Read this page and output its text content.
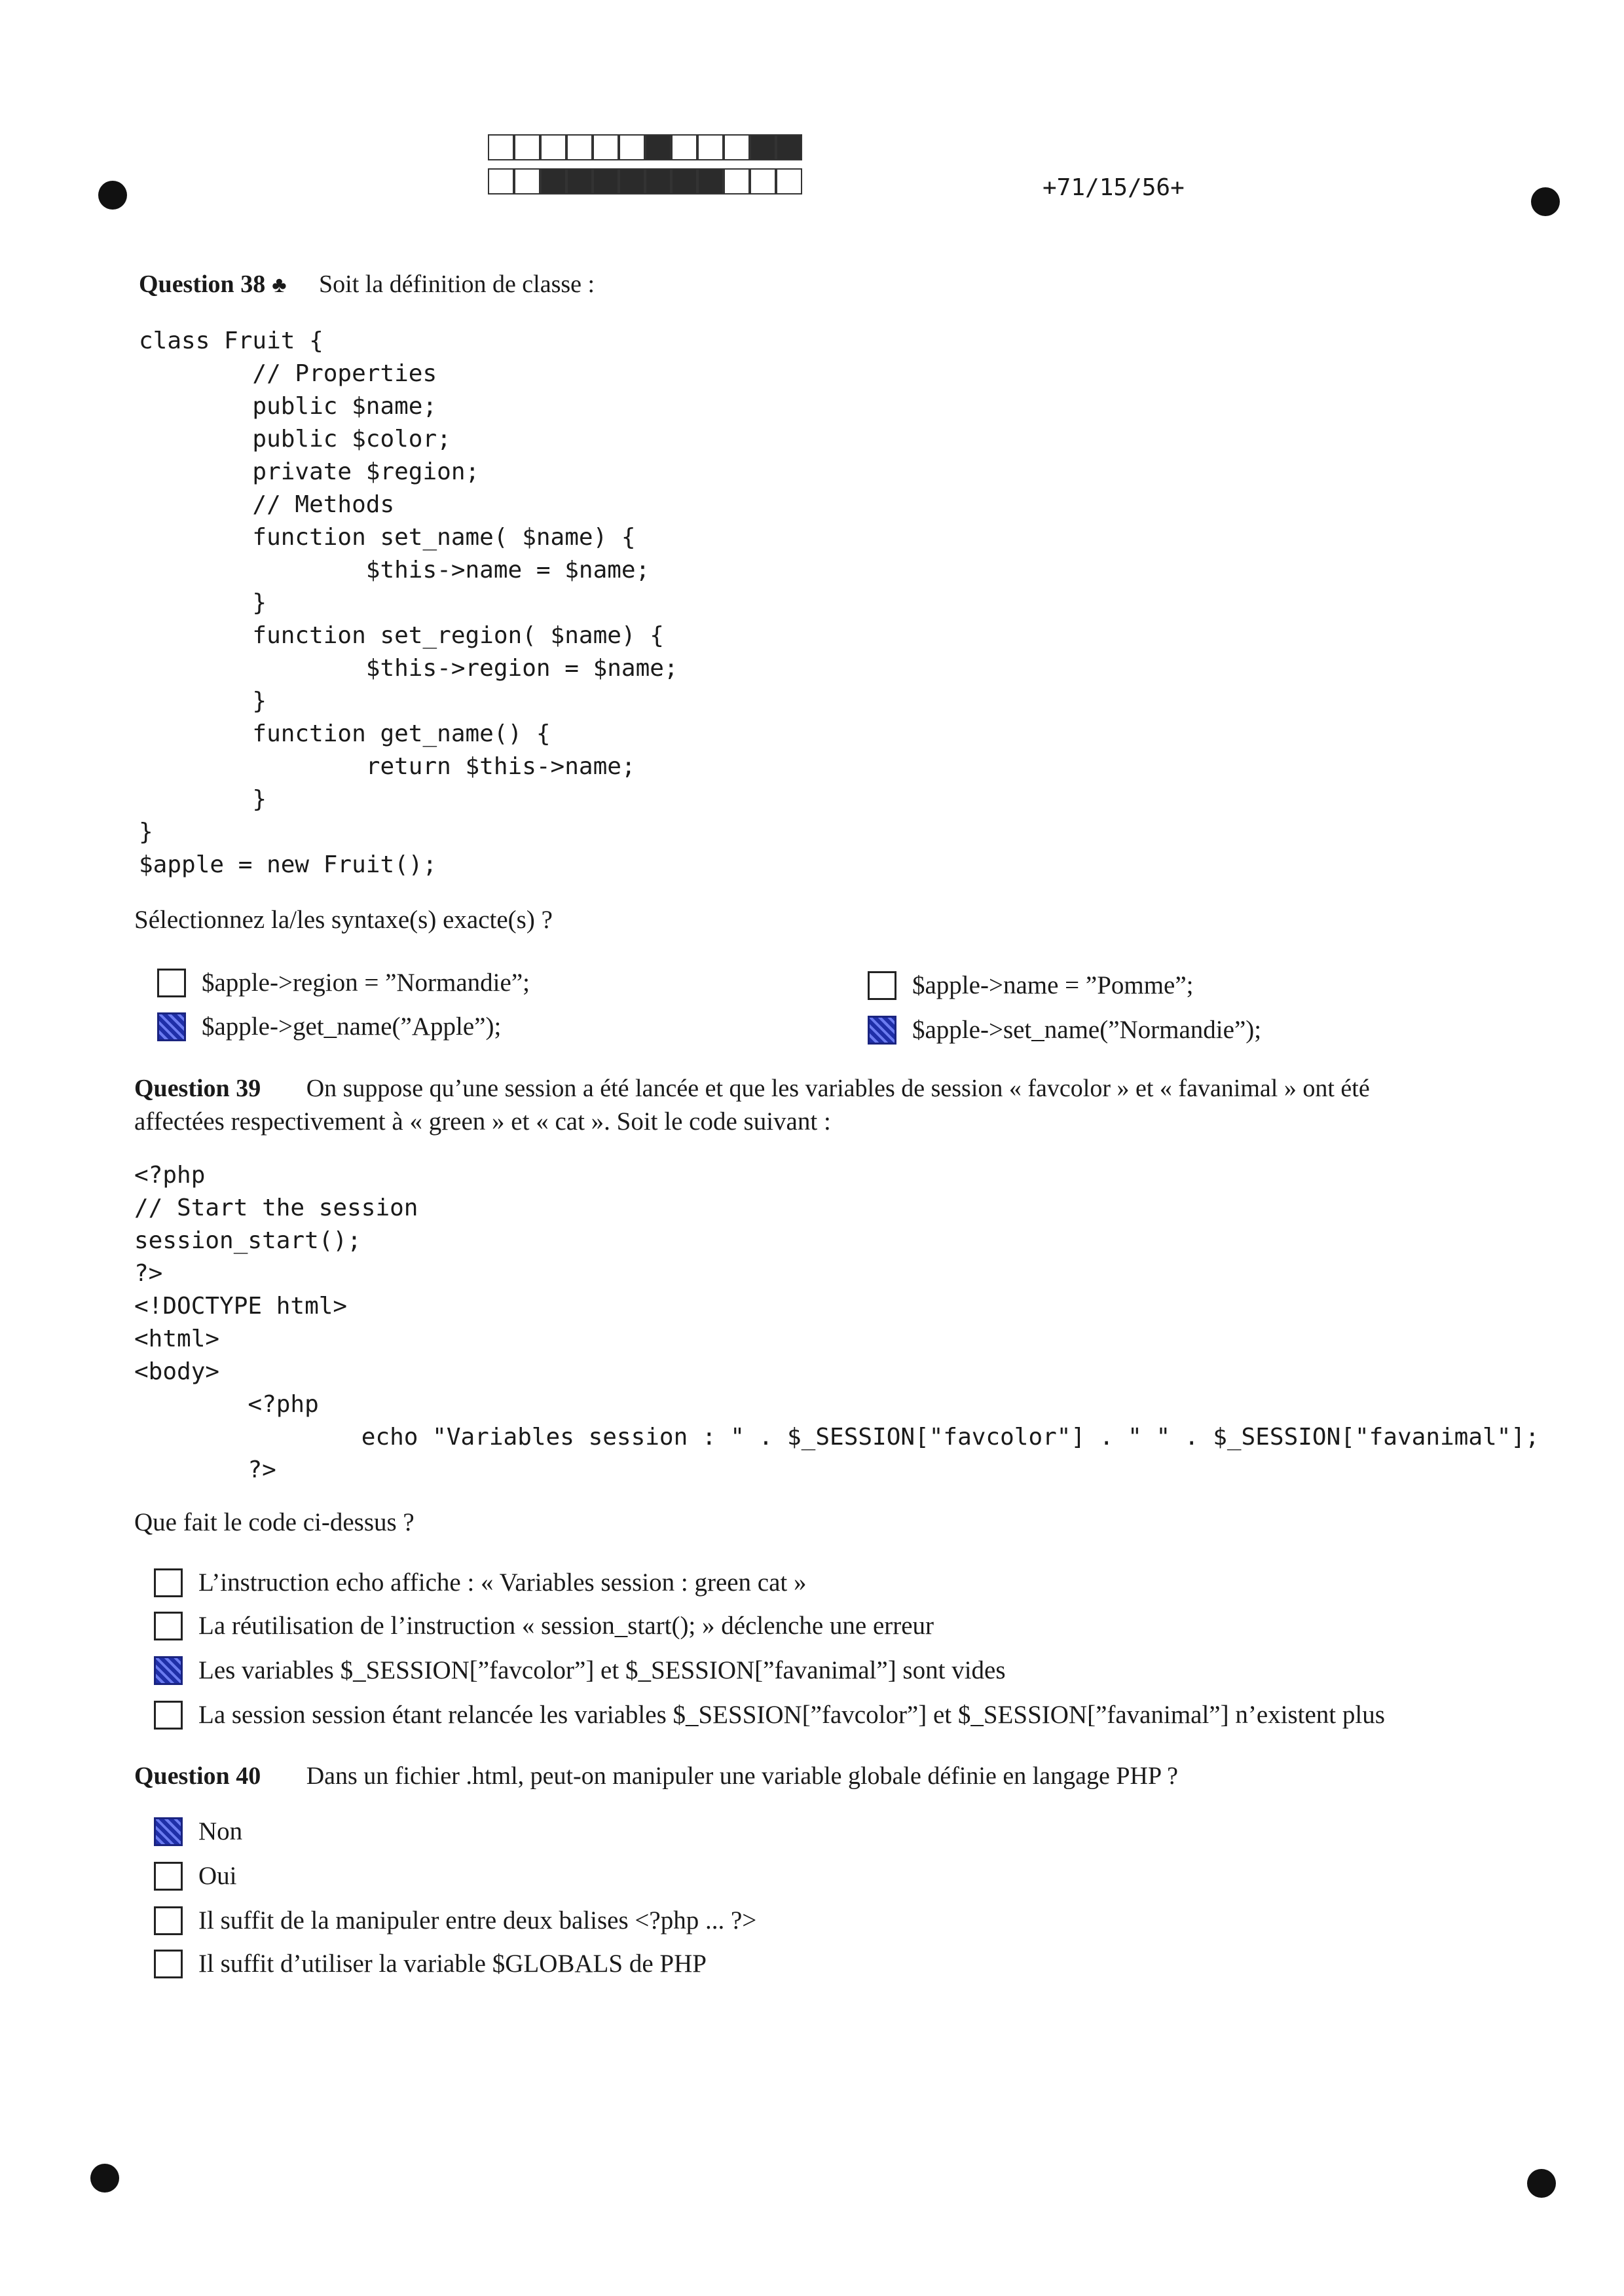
+71/15/56+
Question 38 ♣ Soit la définition de classe :
class Fruit {
// Properties
public $name;
public $color;
private $region;
// Methods
function set_name( $name) {
$this->name = $name;
}
function set_region( $name) {
$this->region = $name;
}
function get_name() {
return $this->name;
}
}
$apple = new Fruit();
Sélectionnez la/les syntaxe(s) exacte(s) ?
$apple->region = ”Normandie”;	$apple->name = ”Pomme”;
$apple->get_name(”Apple”);	$apple->set_name(”Normandie”);
Question 39 On suppose qu’une session a été lancée et que les variables de session « favcolor » et « favanimal » ont été
affectées respectivement à « green » et « cat ». Soit le code suivant :
<?php
// Start the session
session_start();
?>
<!DOCTYPE html>
<html>
<body>
<?php
echo "Variables session : " . $_SESSION["favcolor"] . " " . $_SESSION["favanimal"];
?>
Que fait le code ci-dessus ?
L’instruction echo affiche : « Variables session : green cat »
La réutilisation de l’instruction « session_start(); » déclenche une erreur
Les variables $_SESSION[”favcolor”] et $_SESSION[”favanimal”] sont vides
La session session étant relancée les variables $_SESSION[”favcolor”] et $_SESSION[”favanimal”] n’existent plus
Question 40 Dans un fichier .html, peut-on manipuler une variable globale définie en langage PHP ?
Non
Oui
Il suffit de la manipuler entre deux balises <?php ... ?>
Il suffit d’utiliser la variable $GLOBALS de PHP
